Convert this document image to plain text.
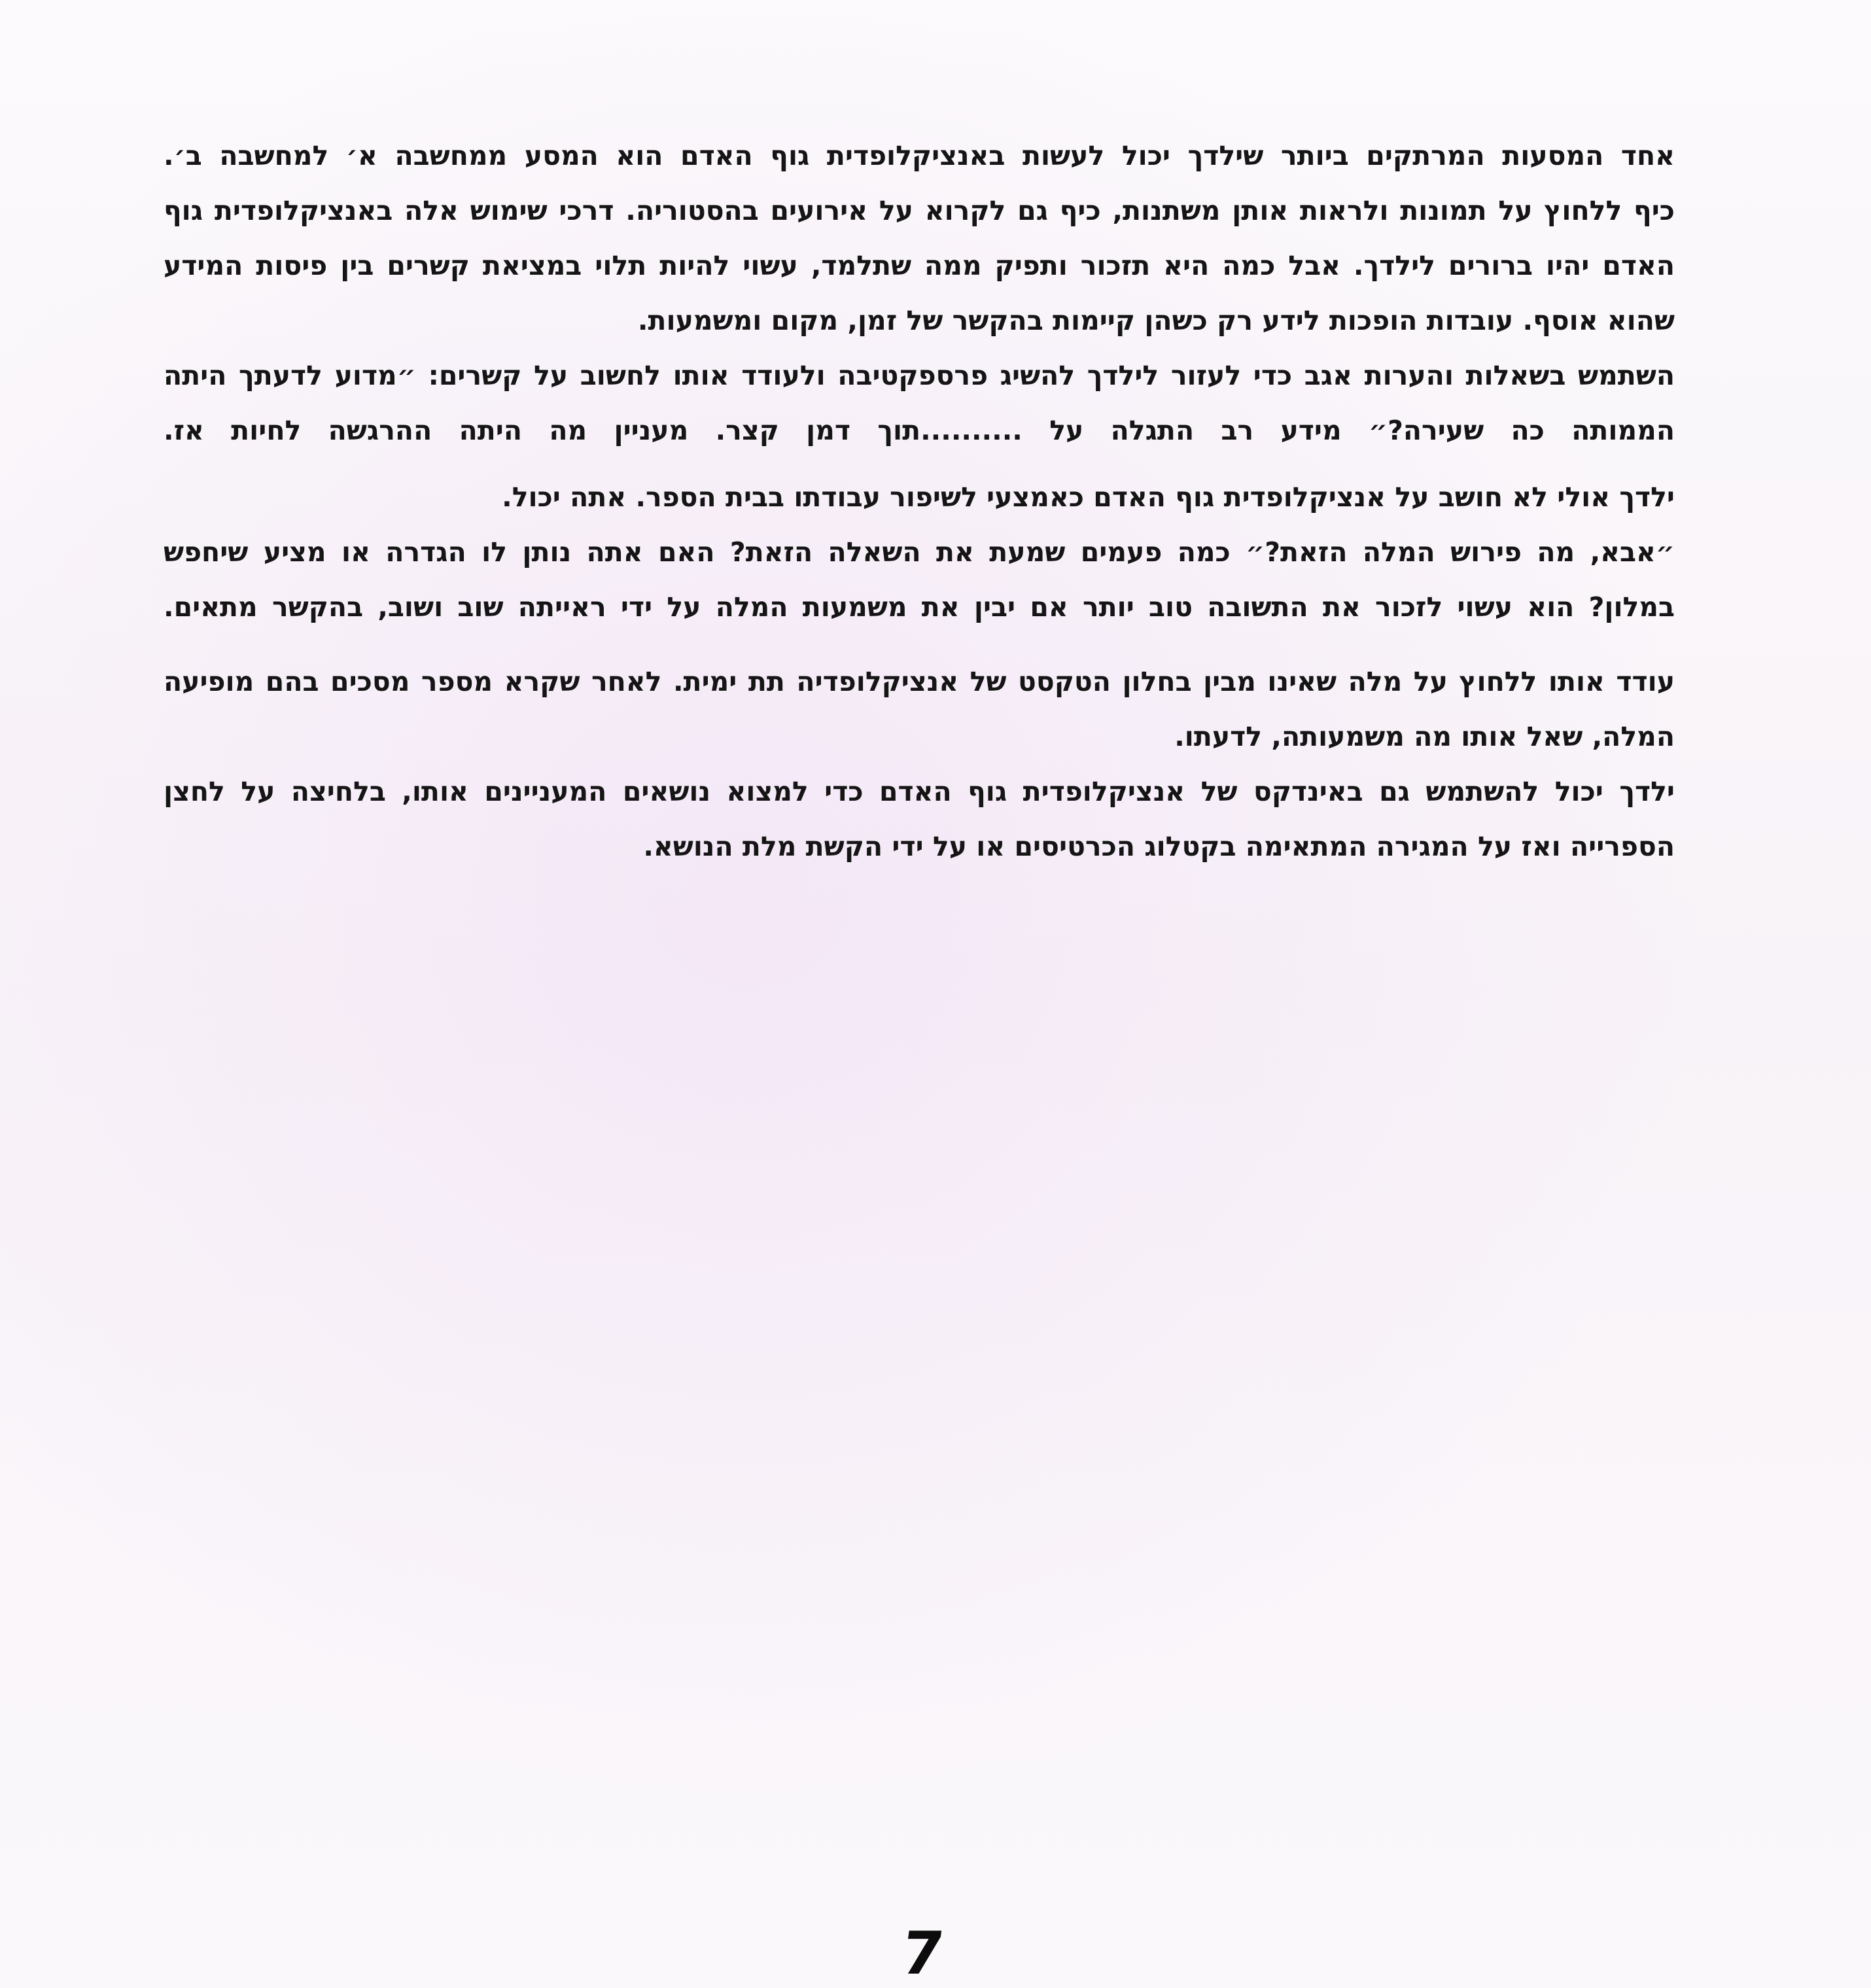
אחד המסעות המרתקים ביותר שילדך יכול לעשות באנציקלופדית גוף האדם הוא המסע ממחשבה א׳ למחשבה ב׳.
כיף ללחוץ על תמונות ולראות אותן משתנות, כיף גם לקרוא על אירועים בהסטוריה. דרכי שימוש אלה באנציקלופדית גוף
האדם יהיו ברורים לילדך. אבל כמה היא תזכור ותפיק ממה שתלמד, עשוי להיות תלוי במציאת קשרים בין פיסות המידע
שהוא אוסף. עובדות הופכות לידע רק כשהן קיימות בהקשר של זמן, מקום ומשמעות.
השתמש בשאלות והערות אגב כדי לעזור לילדך להשיג פרספקטיבה ולעודד אותו לחשוב על קשרים: ״מדוע לדעתך היתה
הממותה כה שעירה?״ מידע רב התגלה על ..........תוך דמן קצר. מעניין מה היתה ההרגשה לחיות אז.
ילדך אולי לא חושב על אנציקלופדית גוף האדם כאמצעי לשיפור עבודתו בבית הספר. אתה יכול.
״אבא, מה פירוש המלה הזאת?״ כמה פעמים שמעת את השאלה הזאת? האם אתה נותן לו הגדרה או מציע שיחפש
במלון? הוא עשוי לזכור את התשובה טוב יותר אם יבין את משמעות המלה על ידי ראייתה שוב ושוב, בהקשר מתאים.
עודד אותו ללחוץ על מלה שאינו מבין בחלון הטקסט של אנציקלופדיה תת ימית. לאחר שקרא מספר מסכים בהם מופיעה
המלה, שאל אותו מה משמעותה, לדעתו.
ילדך יכול להשתמש גם באינדקס של אנציקלופדית גוף האדם כדי למצוא נושאים המעניינים אותו, בלחיצה על לחצן
הספרייה ואז על המגירה המתאימה בקטלוג הכרטיסים או על ידי הקשת מלת הנושא.
7
